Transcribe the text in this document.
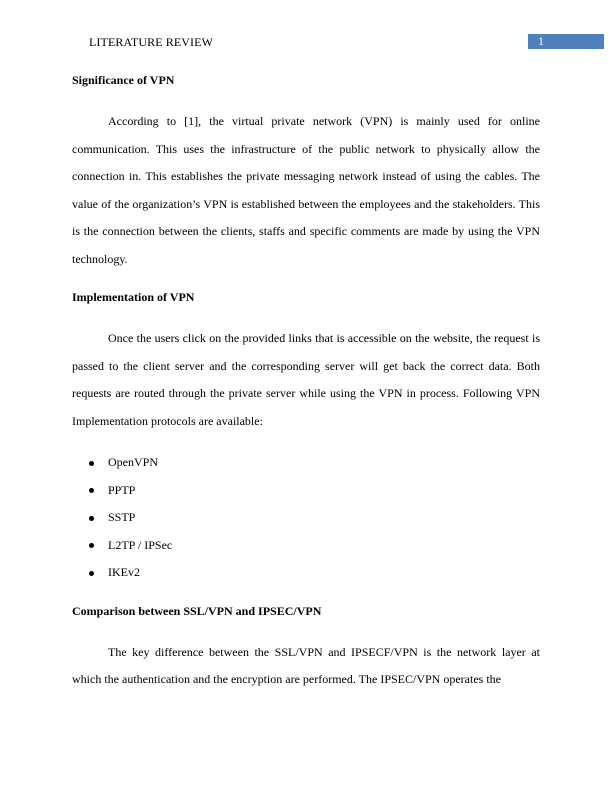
LITERATURE REVIEW	1

Significance of VPN

According to [1], the virtual private network (VPN) is mainly used for online communication. This uses the infrastructure of the public network to physically allow the connection in. This establishes the private messaging network instead of using the cables. The value of the organization’s VPN is established between the employees and the stakeholders. This is the connection between the clients, staffs and specific comments are made by using the VPN technology.

Implementation of VPN

Once the users click on the provided links that is accessible on the website, the request is passed to the client server and the corresponding server will get back the correct data. Both requests are routed through the private server while using the VPN in process. Following VPN Implementation protocols are available:

OpenVPN
PPTP
SSTP
L2TP / IPSec
IKEv2

Comparison between SSL/VPN and IPSEC/VPN

The key difference between the SSL/VPN and IPSECF/VPN is the network layer at which the authentication and the encryption are performed. The IPSEC/VPN operates the
